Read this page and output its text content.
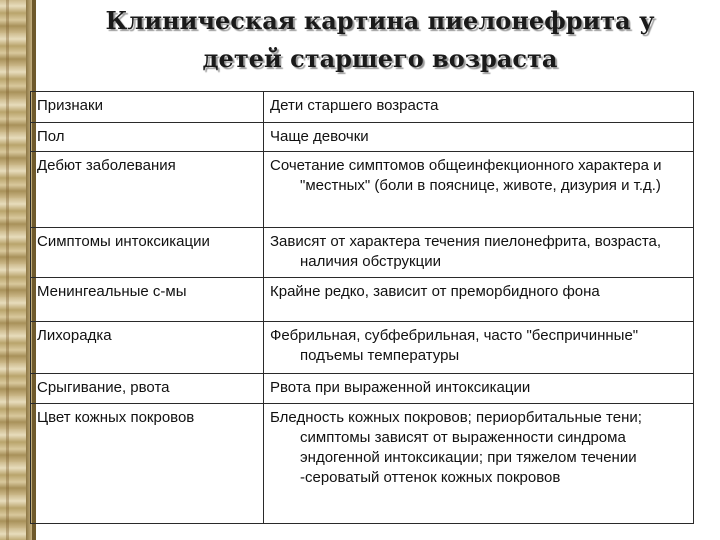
Клиническая картина пиелонефрита у
детей старшего возраста
Признаки	Дети старшего возраста

Пол	Чаще девочки

Дебют заболевания	Сочетание симптомов общеинфекционного характера и "местных" (боли в пояснице, животе, дизурия и т.д.)

Симптомы интоксикации	Зависят от характера течения пиелонефрита, возраста, наличия обструкции

Менингеальные с-мы	Крайне редко, зависит от преморбидного фона

Лихорадка	Фебрильная, субфебрильная, часто "беспричинные" подъемы температуры

Срыгивание, рвота	Рвота при выраженной интоксикации

Цвет кожных покровов	Бледность кожных покровов; периорбитальные тени; симптомы зависят от выраженности синдрома эндогенной интоксикации; при тяжелом течении -сероватый оттенок кожных покровов
